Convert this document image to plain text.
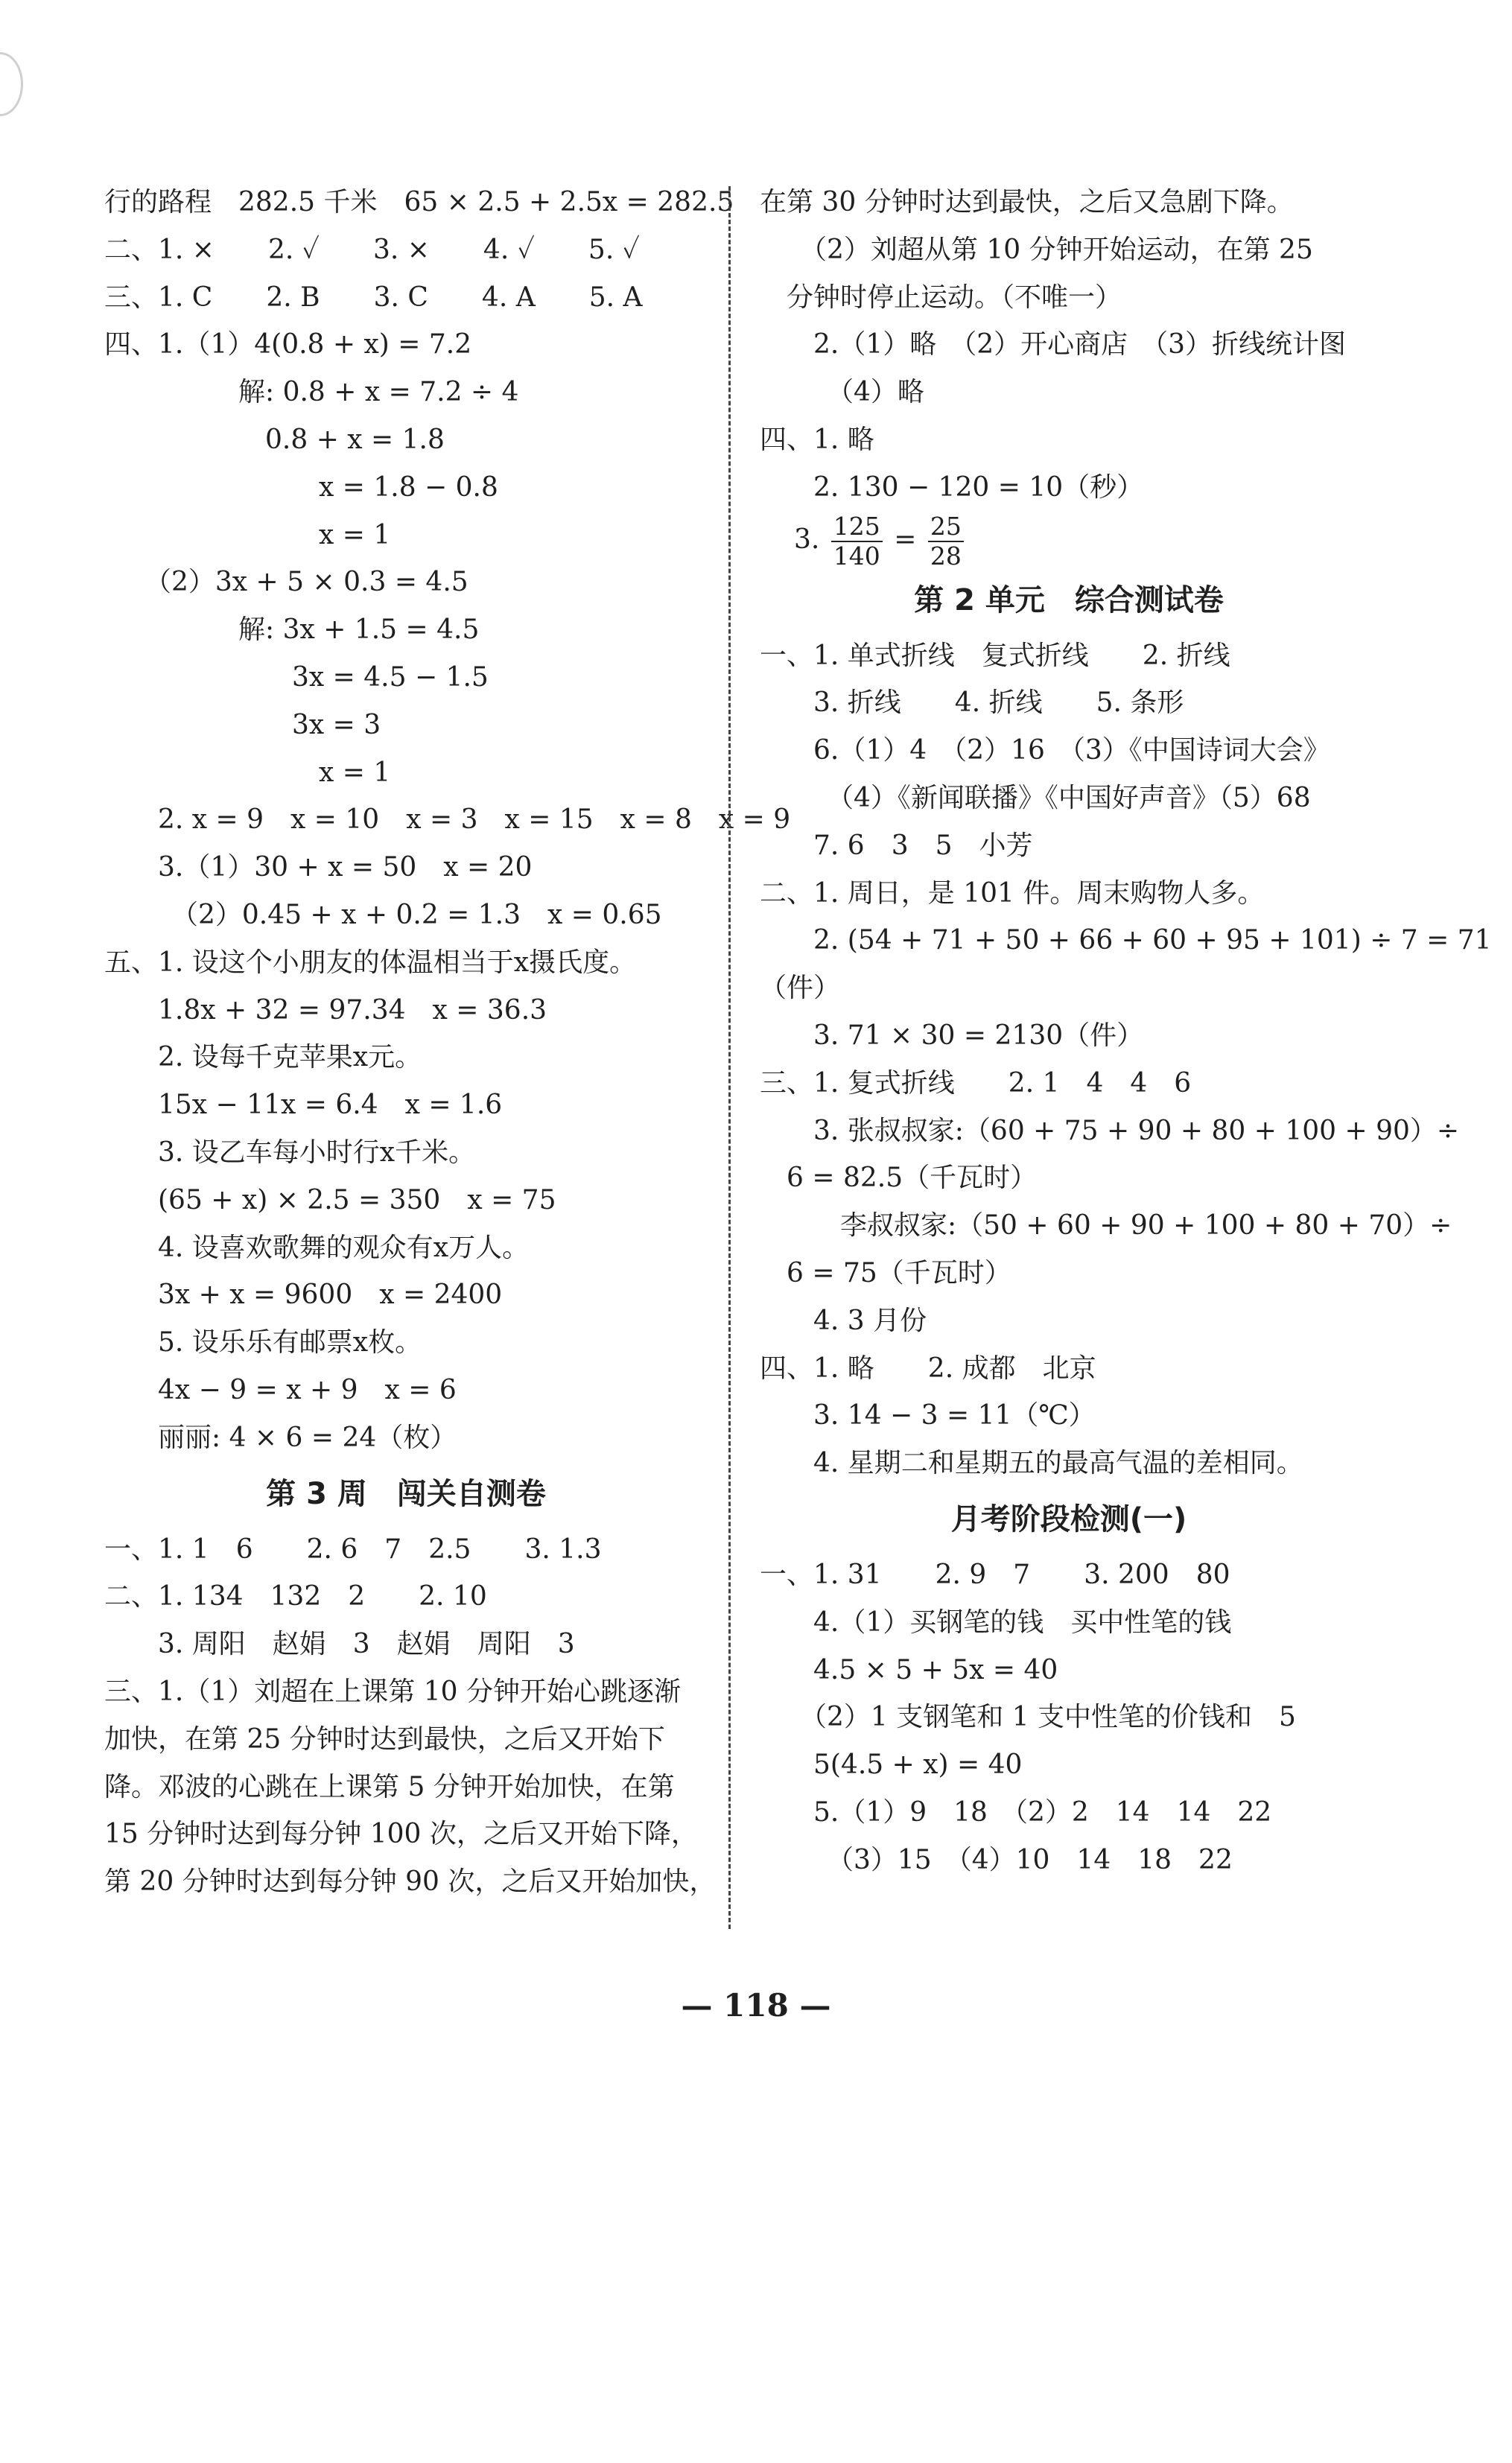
行的路程　282.5 千米　65 × 2.5 + 2.5x = 282.5
二、1. ×　　2. ✓　　3. ×　　4. ✓　　5. ✓
三、1. C　　2. B　　3. C　　4. A　　5. A
四、1.（1）4(0.8 + x) = 7.2
　　　　　解: 0.8 + x = 7.2 ÷ 4
　　　　　　0.8 + x = 1.8
　　　　　　　　x = 1.8 − 0.8
　　　　　　　　x = 1
　　（2）3x + 5 × 0.3 = 4.5
　　　　　解: 3x + 1.5 = 4.5
　　　　　　　3x = 4.5 − 1.5
　　　　　　　3x = 3
　　　　　　　　x = 1
　　2. x = 9　x = 10　x = 3　x = 15　x = 8　x = 9
　　3.（1）30 + x = 50　x = 20
　　　（2）0.45 + x + 0.2 = 1.3　x = 0.65
五、1. 设这个小朋友的体温相当于x摄氏度。
　　1.8x + 32 = 97.34　x = 36.3
　　2. 设每千克苹果x元。
　　15x − 11x = 6.4　x = 1.6
　　3. 设乙车每小时行x千米。
　　(65 + x) × 2.5 = 350　x = 75
　　4. 设喜欢歌舞的观众有x万人。
　　3x + x = 9600　x = 2400
　　5. 设乐乐有邮票x枚。
　　4x − 9 = x + 9　x = 6
　　丽丽: 4 × 6 = 24（枚）
第 3 周　闯关自测卷
一、1. 1　6　　2. 6　7　2.5　　3. 1.3
二、1. 134　132　2　　2. 10
　　3. 周阳　赵娟　3　赵娟　周阳　3
三、1.（1）刘超在上课第 10 分钟开始心跳逐渐
加快，在第 25 分钟时达到最快，之后又开始下
降。邓波的心跳在上课第 5 分钟开始加快，在第
15 分钟时达到每分钟 100 次，之后又开始下降，
第 20 分钟时达到每分钟 90 次，之后又开始加快，
在第 30 分钟时达到最快，之后又急剧下降。
　　（2）刘超从第 10 分钟开始运动，在第 25
　分钟时停止运动。（不唯一）
　　2.（1）略　（2）开心商店　（3）折线统计图
　　　（4）略
四、1. 略
　　2. 130 − 120 = 10（秒）
3. $\frac{125}{140} = \frac{25}{28}$
第 2 单元　综合测试卷
一、1. 单式折线　复式折线　　2. 折线
　　3. 折线　　4. 折线　　5. 条形
　　6.（1）4　（2）16　（3）《中国诗词大会》
　　　（4）《新闻联播》《中国好声音》（5）68
　　7. 6　3　5　小芳
二、1. 周日，是 101 件。周末购物人多。
　　2. (54 + 71 + 50 + 66 + 60 + 95 + 101) ÷ 7 = 71
（件）
　　3. 71 × 30 = 2130（件）
三、1. 复式折线　　2. 1　4　4　6
　　3. 张叔叔家:（60 + 75 + 90 + 80 + 100 + 90）÷
　6 = 82.5（千瓦时）
　　　李叔叔家:（50 + 60 + 90 + 100 + 80 + 70）÷
　6 = 75（千瓦时）
　　4. 3 月份
四、1. 略　　2. 成都　北京
　　3. 14 − 3 = 11（℃）
　　4. 星期二和星期五的最高气温的差相同。
月考阶段检测(一)
一、1. 31　　2. 9　7　　3. 200　80
　　4.（1）买钢笔的钱　买中性笔的钱
　　4.5 × 5 + 5x = 40
　　（2）1 支钢笔和 1 支中性笔的价钱和　5
　　5(4.5 + x) = 40
　　5.（1）9　18　（2）2　14　14　22
　　　（3）15　（4）10　14　18　22
— 118 —
